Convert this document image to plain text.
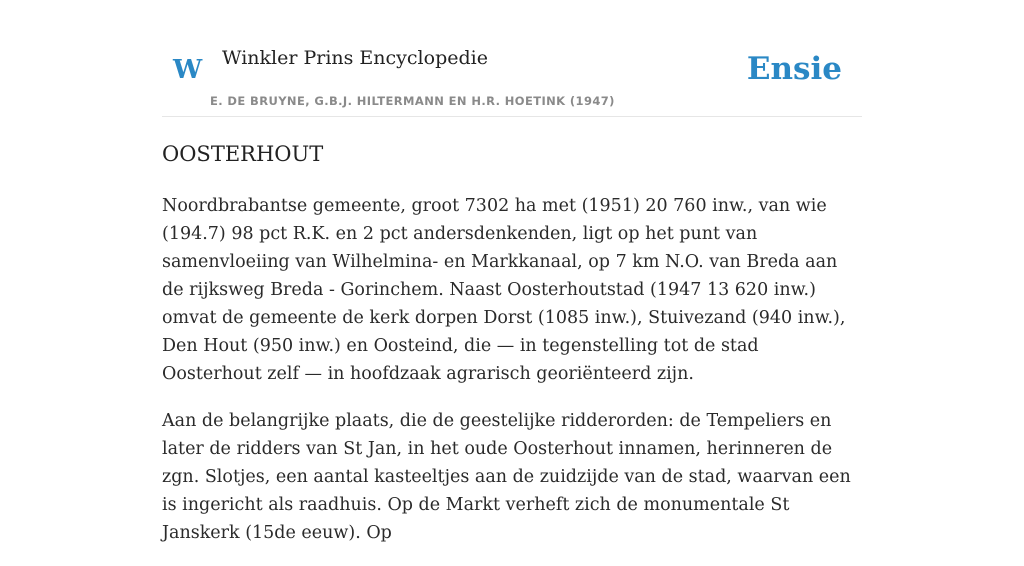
W Winkler Prins Encyclopedie
E. DE BRUYNE, G.B.J. HILTERMANN EN H.R. HOETINK (1947)
Ensie
OOSTERHOUT

Noordbrabantse gemeente, groot 7302 ha met (1951) 20 760 inw., van wie (194.7) 98 pct R.K. en 2 pct andersdenkenden, ligt op het punt van samenvloeiing van Wilhelmina- en Markkanaal, op 7 km N.O. van Breda aan de rijksweg Breda - Gorinchem. Naast Oosterhoutstad (1947 13 620 inw.) omvat de gemeente de kerk dorpen Dorst (1085 inw.), Stuivezand (940 inw.), Den Hout (950 inw.) en Oosteind, die — in tegenstelling tot de stad Oosterhout zelf — in hoofdzaak agrarisch georiënteerd zijn.

Aan de belangrijke plaats, die de geestelijke ridderorden: de Tempeliers en later de ridders van St Jan, in het oude Oosterhout innamen, herinneren de zgn. Slotjes, een aantal kasteeltjes aan de zuidzijde van de stad, waarvan een is ingericht als raadhuis. Op de Markt verheft zich de monumentale St Janskerk (15de eeuw). Op
